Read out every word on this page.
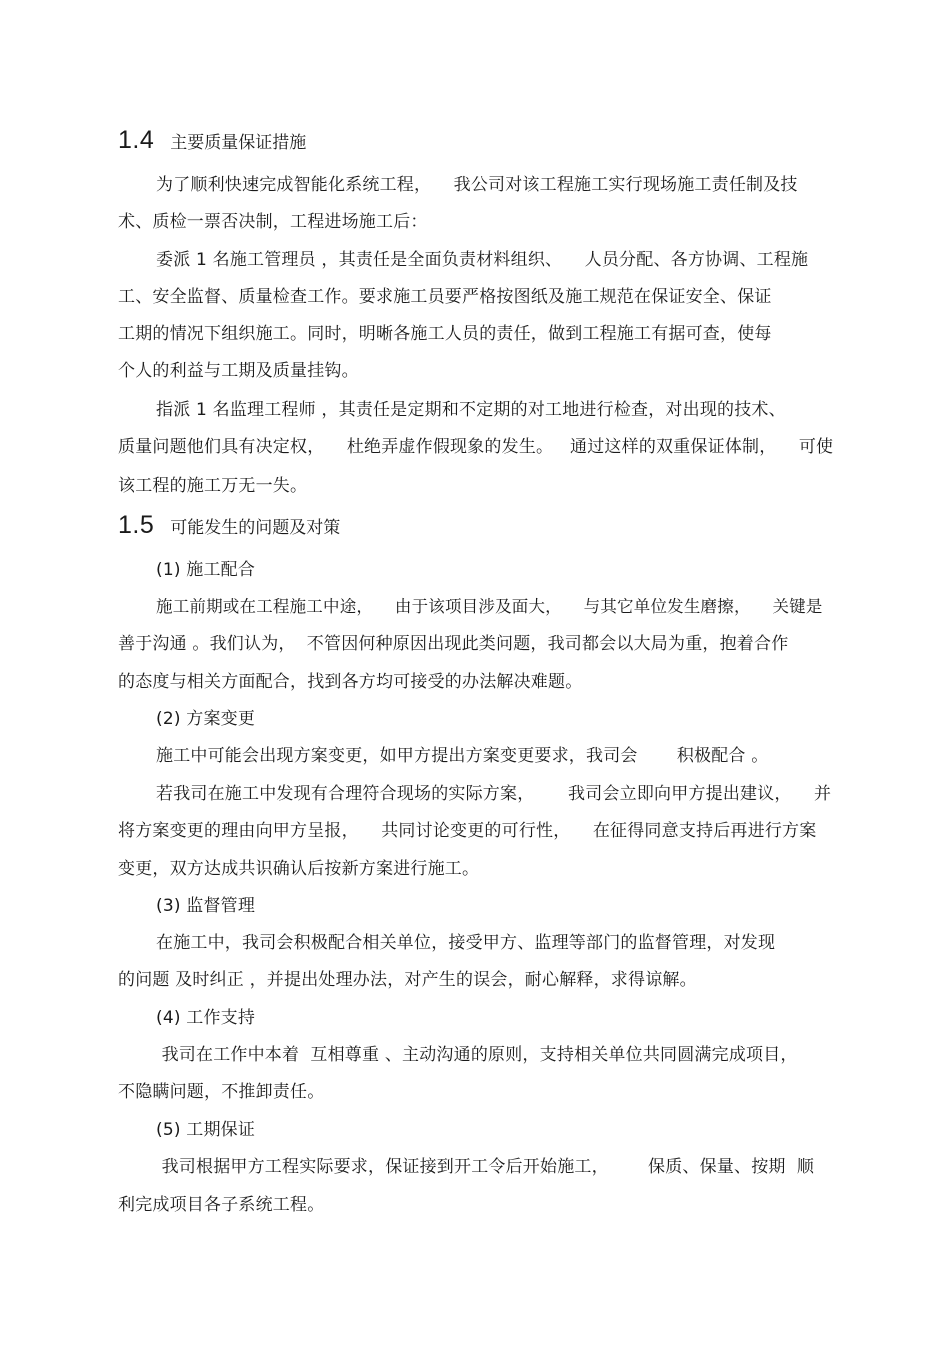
1.4 主要质量保证措施
为了顺利快速完成智能化系统工程，    我公司对该工程施工实行现场施工责任制及技
术、质检一票否决制，工程进场施工后：
委派 1 名施工管理员 ，其责任是全面负责材料组织、    人员分配、各方协调、工程施
工、安全监督、质量检查工作。要求施工员要严格按图纸及施工规范在保证安全、保证
工期的情况下组织施工。同时，明晰各施工人员的责任，做到工程施工有据可查，使每
个人的利益与工期及质量挂钩。
指派 1 名监理工程师 ，其责任是定期和不定期的对工地进行检查，对出现的技术、
质量问题他们具有决定权，    杜绝弄虚作假现象的发生。   通过这样的双重保证体制，    可使
该工程的施工万无一失。
1.5 可能发生的问题及对策
(1) 施工配合
施工前期或在工程施工中途，    由于该项目涉及面大，    与其它单位发生磨擦，    关键是
善于沟通 。我们认为，  不管因何种原因出现此类问题，我司都会以大局为重，抱着合作
的态度与相关方面配合，找到各方均可接受的办法解决难题。
(2) 方案变更
施工中可能会出现方案变更，如甲方提出方案变更要求，我司会       积极配合 。
若我司在施工中发现有合理符合现场的实际方案，      我司会立即向甲方提出建议，    并
将方案变更的理由向甲方呈报，    共同讨论变更的可行性，    在征得同意支持后再进行方案
变更，双方达成共识确认后按新方案进行施工。
(3) 监督管理
在施工中，我司会积极配合相关单位，接受甲方、监理等部门的监督管理，对发现
的问题 及时纠正 ，并提出处理办法，对产生的误会，耐心解释，求得谅解。
(4) 工作支持
我司在工作中本着  互相尊重 、主动沟通的原则，支持相关单位共同圆满完成项目，
不隐瞒问题，不推卸责任。
(5) 工期保证
我司根据甲方工程实际要求，保证接到开工令后开始施工，       保质、保量、按期  顺
利完成项目各子系统工程。
